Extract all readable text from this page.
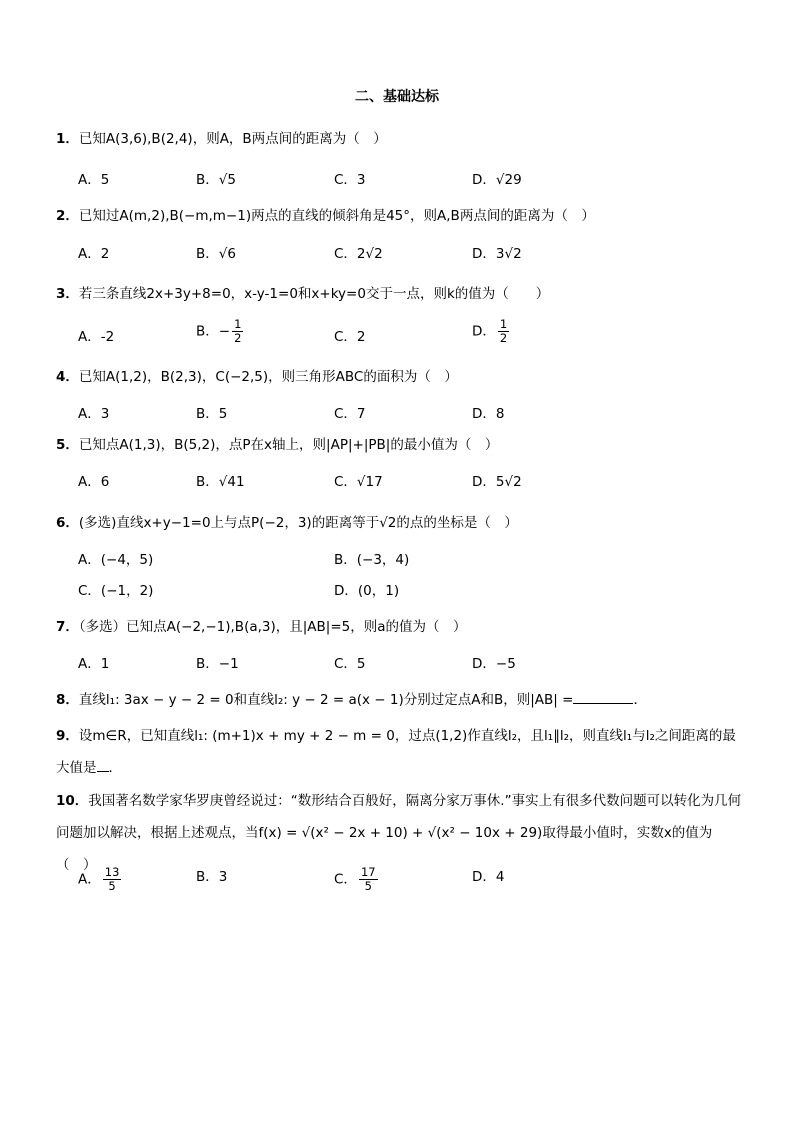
二、基础达标
1．已知A(3,6),B(2,4)，则A，B两点间的距离为（　）
A．5	B．√5	C．3	D．√29
2．已知过A(m,2),B(−m,m−1)两点的直线的倾斜角是45°，则A,B两点间的距离为（　）
A．2	B．√6	C．2√2	D．3√2
3．若三条直线2x+3y+8=0，x-y-1=0和x+ky=0交于一点，则k的值为（　　）
A．-2	B．− $\frac{1}{2}$	C．2	D． $\frac{1}{2}$
4．已知A(1,2)，B(2,3)，C(−2,5)，则三角形ABC的面积为（　）
A．3	B．5	C．7	D．8
5．已知点A(1,3)，B(5,2)，点P在x轴上，则|AP|+|PB|的最小值为（　）
A．6	B．√41	C．√17	D．5√2
6．(多选)直线x+y−1=0上与点P(−2，3)的距离等于√2的点的坐标是（　）
A．(−4，5)	B．(−3，4)
C．(−1，2)	D．(0，1)
7．（多选）已知点A(−2,−1),B(a,3)，且|AB|=5，则a的值为（　）
A．1	B．−1	C．5	D．−5
8．直线l₁: 3ax − y − 2 = 0和直线l₂: y − 2 = a(x − 1)分别过定点A和B，则|AB| =	．
9．设m∈R，已知直线l₁: (m+1)x + my + 2 − m = 0，过点(1,2)作直线l₂，且l₁∥l₂，则直线l₁与l₂之间距离的最大值是 ．
10．我国著名数学家华罗庚曾经说过：“数形结合百般好，隔离分家万事休.”事实上有很多代数问题可以转化为几何问题加以解决，根据上述观点，当f(x) = √(x² − 2x + 10) + √(x² − 10x + 29)取得最小值时，实数x的值为（　）
A． $\frac{13}{5}$	B．3	C． $\frac{17}{5}$	D．4
